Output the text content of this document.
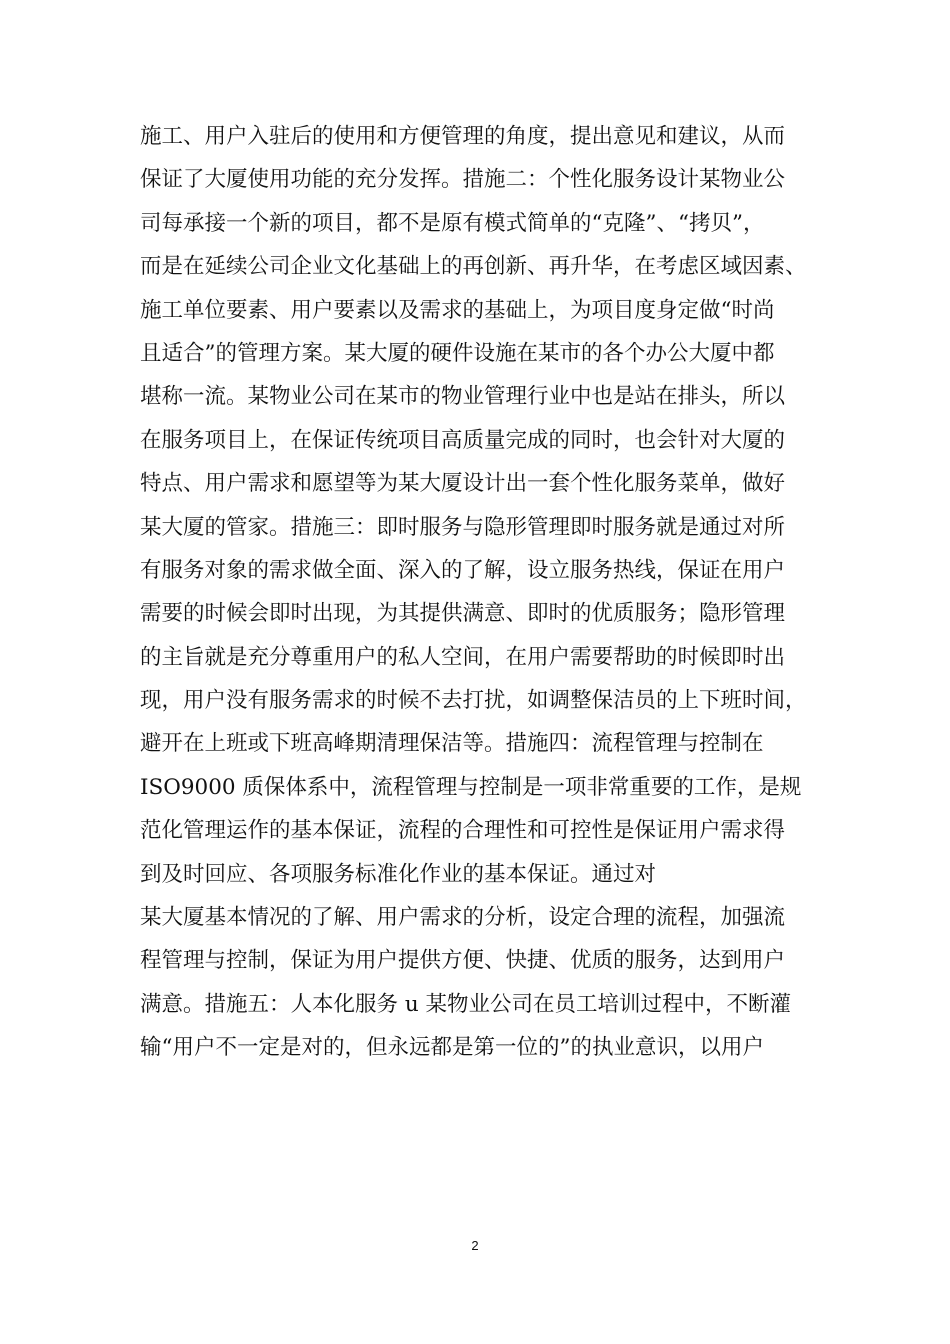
施工、用户入驻后的使用和方便管理的角度，提出意见和建议，从而
保证了大厦使用功能的充分发挥。措施二：个性化服务设计某物业公
司每承接一个新的项目，都不是原有模式简单的“克隆”、“拷贝”，
而是在延续公司企业文化基础上的再创新、再升华，在考虑区域因素、
施工单位要素、用户要素以及需求的基础上，为项目度身定做“时尚
且适合”的管理方案。某大厦的硬件设施在某市的各个办公大厦中都
堪称一流。某物业公司在某市的物业管理行业中也是站在排头，所以
在服务项目上，在保证传统项目高质量完成的同时，也会针对大厦的
特点、用户需求和愿望等为某大厦设计出一套个性化服务菜单，做好
某大厦的管家。措施三：即时服务与隐形管理即时服务就是通过对所
有服务对象的需求做全面、深入的了解，设立服务热线，保证在用户
需要的时候会即时出现，为其提供满意、即时的优质服务；隐形管理
的主旨就是充分尊重用户的私人空间，在用户需要帮助的时候即时出
现，用户没有服务需求的时候不去打扰，如调整保洁员的上下班时间，
避开在上班或下班高峰期清理保洁等。措施四：流程管理与控制在
ISO9000 质保体系中，流程管理与控制是一项非常重要的工作，是规
范化管理运作的基本保证，流程的合理性和可控性是保证用户需求得
到及时回应、各项服务标准化作业的基本保证。通过对
某大厦基本情况的了解、用户需求的分析，设定合理的流程，加强流
程管理与控制，保证为用户提供方便、快捷、优质的服务，达到用户
满意。措施五：人本化服务 u 某物业公司在员工培训过程中，不断灌
输“用户不一定是对的，但永远都是第一位的”的执业意识，以用户
2
